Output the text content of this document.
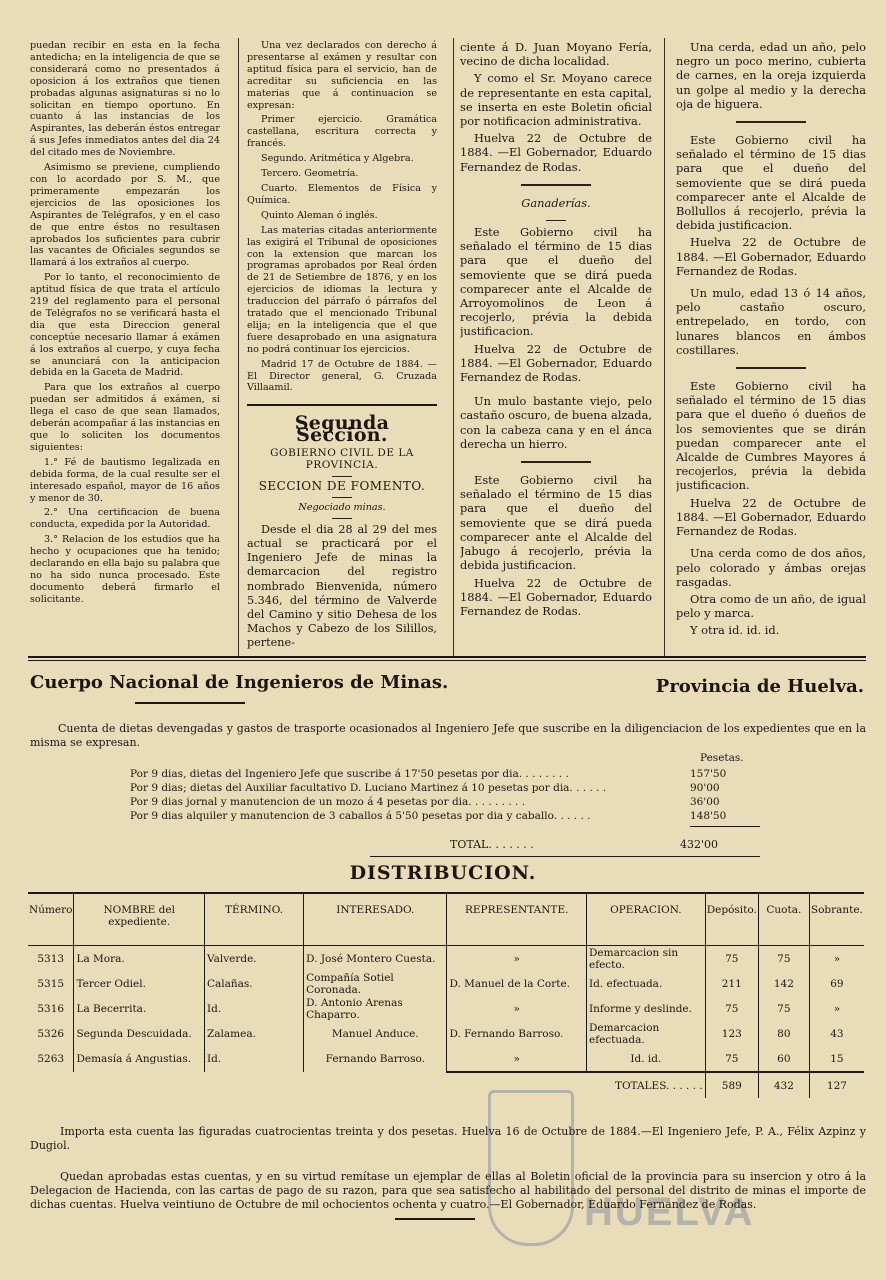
puedan recibir en esta en la fecha antedicha; en la inteligencia de que se considerará como no presentados á oposicion á los extraños que tienen probadas algunas asignaturas si no lo solicitan en tiempo oportuno. En cuanto á las instancias de los Aspirantes, las deberán éstos entregar á sus Jefes inmediatos antes del dia 24 del citado mes de Noviembre.

Asimismo se previene, cumpliendo con lo acordado por S. M., que primeramente empezarán los ejercicios de las oposiciones los Aspirantes de Telégrafos, y en el caso de que entre éstos no resultasen aprobados los suficientes para cubrir las vacantes de Oficiales segundos se llamará á los extraños al cuerpo.

Por lo tanto, el reconocimiento de aptitud física de que trata el artículo 219 del reglamento para el personal de Telégrafos no se verificará hasta el dia que esta Direccion general conceptúe necesario llamar á exámen á los extraños al cuerpo, y cuya fecha se anunciará con la anticipacion debida en la Gaceta de Madrid.

Para que los extraños al cuerpo puedan ser admitidos á exámen, si llega el caso de que sean llamados, deberán acompañar á las instancias en que lo soliciten los documentos siguientes:

1.° Fé de bautismo legalizada en debida forma, de la cual resulte ser el interesado español, mayor de 16 años y menor de 30.

2.° Una certificacion de buena conducta, expedida por la Autoridad.

3.° Relacion de los estudios que ha hecho y ocupaciones que ha tenido; declarando en ella bajo su palabra que no ha sido nunca procesado. Este documento deberá firmarlo el solicitante.

Una vez declarados con derecho á presentarse al exámen y resultar con aptitud física para el servicio, han de acreditar su suficiencia en las materias que á continuacion se expresan:

Primer ejercicio. Gramática castellana, escritura correcta y francés.

Segundo. Aritmética y Algebra.

Tercero. Geometría.

Cuarto. Elementos de Física y Química.

Quinto Aleman ó inglés.

Las materias citadas anteriormente las exigirá el Tribunal de oposiciones con la extension que marcan los programas aprobados por Real órden de 21 de Setiembre de 1876, y en los ejercicios de idiomas la lectura y traduccion del párrafo ó párrafos del tratado que el mencionado Tribunal elija; en la inteligencia que el que fuere desaprobado en una asignatura no podrá continuar los ejercicios.

Madrid 17 de Octubre de 1884. —El Director general, G. Cruzada Villaamil.

Segunda Seccion.

GOBIERNO CIVIL DE LA PROVINCIA.

SECCION DE FOMENTO.

Negociado minas.

Desde el dia 28 al 29 del mes actual se practicará por el Ingeniero Jefe de minas la demarcacion del registro nombrado Bienvenida, número 5.346, del término de Valverde del Camino y sitio Dehesa de los Machos y Cabezo de los Silillos, pertene-

ciente á D. Juan Moyano Fería, vecino de dicha localidad.

Y como el Sr. Moyano carece de representante en esta capital, se inserta en este Boletin oficial por notificacion administrativa.

Huelva 22 de Octubre de 1884. —El Gobernador, Eduardo Fernandez de Rodas.

Ganaderías.

Este Gobierno civil ha señalado el término de 15 dias para que el dueño del semoviente que se dirá pueda comparecer ante el Alcalde de Arroyomolinos de Leon á recojerlo, prévia la debida justificacion.

Huelva 22 de Octubre de 1884. —El Gobernador, Eduardo Fernandez de Rodas.

Un mulo bastante viejo, pelo castaño oscuro, de buena alzada, con la cabeza cana y en el ánca derecha un hierro.

Este Gobierno civil ha señalado el término de 15 dias para que el dueño del semoviente que se dirá pueda comparecer ante el Alcalde del Jabugo á recojerlo, prévia la debida justificacion.

Huelva 22 de Octubre de 1884. —El Gobernador, Eduardo Fernandez de Rodas.

Una cerda, edad un año, pelo negro un poco merino, cubierta de carnes, en la oreja izquierda un golpe al medio y la derecha oja de higuera.

Este Gobierno civil ha señalado el término de 15 dias para que el dueño del semoviente que se dirá pueda comparecer ante el Alcalde de Bollullos á recojerlo, prévia la debida justificacion.

Huelva 22 de Octubre de 1884. —El Gobernador, Eduardo Fernandez de Rodas.

Un mulo, edad 13 ó 14 años, pelo castaño oscuro, entrepelado, en tordo, con lunares blancos en ámbos costillares.

Este Gobierno civil ha señalado el término de 15 dias para que el dueño ó dueños de los semovientes que se dirán puedan comparecer ante el Alcalde de Cumbres Mayores á recojerlos, prévia la debida justificacion.

Huelva 22 de Octubre de 1884. —El Gobernador, Eduardo Fernandez de Rodas.

Una cerda como de dos años, pelo colorado y ámbas orejas rasgadas.

Otra como de un año, de igual pelo y marca.

Y otra id. id. id.

Cuerpo Nacional de Ingenieros de Minas.	Provincia de Huelva.
Cuenta de dietas devengadas y gastos de trasporte ocasionados al Ingeniero Jefe que suscribe en la diligenciacion de los expedientes que en la misma se expresan.
Pesetas.
Por 9 dias, dietas del Ingeniero Jefe que suscribe á 17'50 pesetas por dia. . . . . . . .	157'50
Por 9 dias; dietas del Auxiliar facultativo D. Luciano Martinez á 10 pesetas por dia. . . . . .	90'00
Por 9 dias jornal y manutencion de un mozo á 4 pesetas por dia. . . . . . . . .	36'00
Por 9 dias alquiler y manutencion de 3 caballos á 5'50 pesetas por dia y caballo. . . . . .	148'50
TOTAL. . . . . . .	432'00
DISTRIBUCION.
Número	NOMBRE del expediente.	TÉRMINO.	INTERESADO.	REPRESENTANTE.	OPERACION.	Depósito.	Cuota.	Sobrante.
5313	La Mora.	Valverde.	D. José Montero Cuesta.	»	Demarcacion sin efecto.	75	75	»
5315	Tercer Odiel.	Calañas.	Compañía Sotiel Coronada.	D. Manuel de la Corte.	Id. efectuada.	211	142	69
5316	La Becerrita.	Id.	D. Antonio Arenas Chaparro.	»	Informe y deslinde.	75	75	»
5326	Segunda Descuidada.	Zalamea.	Manuel Anduce.	D. Fernando Barroso.	Demarcacion efectuada.	123	80	43
5263	Demasía á Angustias.	Id.	Fernando Barroso.	»	Id. id.	75	60	15
				TOTALES. . . . . .		589	432	127
HUELVA
Importa esta cuenta las figuradas cuatrocientas treinta y dos pesetas. Huelva 16 de Octubre de 1884.—El Ingeniero Jefe, P. A., Félix Azpinz y Dugiol.
Quedan aprobadas estas cuentas, y en su virtud remítase un ejemplar de ellas al Boletin oficial de la provincia para su insercion y otro á la Delegacion de Hacienda, con las cartas de pago de su razon, para que sea satisfecho al habilitado del personal del distrito de minas el importe de dichas cuentas. Huelva veintiuno de Octubre de mil ochocientos ochenta y cuatro.—El Gobernador, Eduardo Fernandez de Rodas.
